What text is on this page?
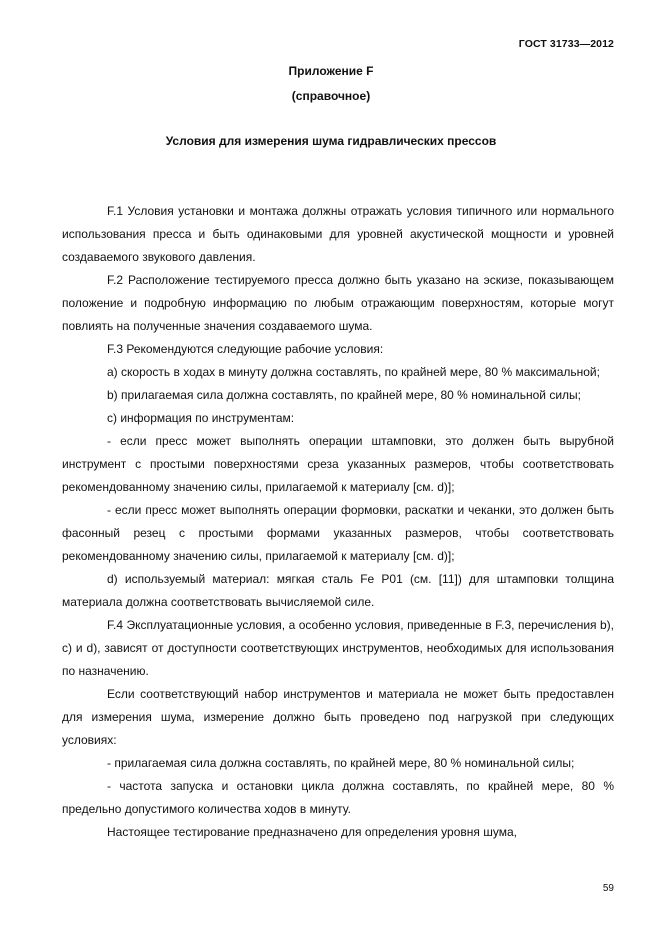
ГОСТ 31733—2012
Приложение F
(справочное)
Условия для измерения шума гидравлических прессов

F.1 Условия установки и монтажа должны отражать условия типичного или нормального использования пресса и быть одинаковыми для уровней акустической мощности и уровней создаваемого звукового давления.

F.2 Расположение тестируемого пресса должно быть указано на эскизе, показывающем положение и подробную информацию по любым отражающим поверхностям, которые могут повлиять на полученные значения создаваемого шума.

F.3 Рекомендуются следующие рабочие условия:

а) скорость в ходах в минуту должна составлять, по крайней мере, 80 % максимальной;

b) прилагаемая сила должна составлять, по крайней мере, 80 % номинальной силы;

с) информация по инструментам:

- если пресс может выполнять операции штамповки, это должен быть вырубной инструмент с простыми поверхностями среза указанных размеров, чтобы соответствовать рекомендованному значению силы, прилагаемой к материалу [см. d)];

- если пресс может выполнять операции формовки, раскатки и чеканки, это должен быть фасонный резец с простыми формами указанных размеров, чтобы соответствовать рекомендованному значению силы, прилагаемой к материалу [см. d)];

d) используемый материал: мягкая сталь Fe P01 (см. [11]) для штамповки толщина материала должна соответствовать вычисляемой силе.

F.4 Эксплуатационные условия, а особенно условия, приведенные в F.3, перечисления b), с) и d), зависят от доступности соответствующих инструментов, необходимых для использования по назначению.

Если соответствующий набор инструментов и материала не может быть предоставлен для измерения шума, измерение должно быть проведено под нагрузкой при следующих условиях:

- прилагаемая сила должна составлять, по крайней мере, 80 % номинальной силы;

- частота запуска и остановки цикла должна составлять, по крайней мере, 80 % предельно допустимого количества ходов в минуту.

Настоящее тестирование предназначено для определения уровня шума,

59
